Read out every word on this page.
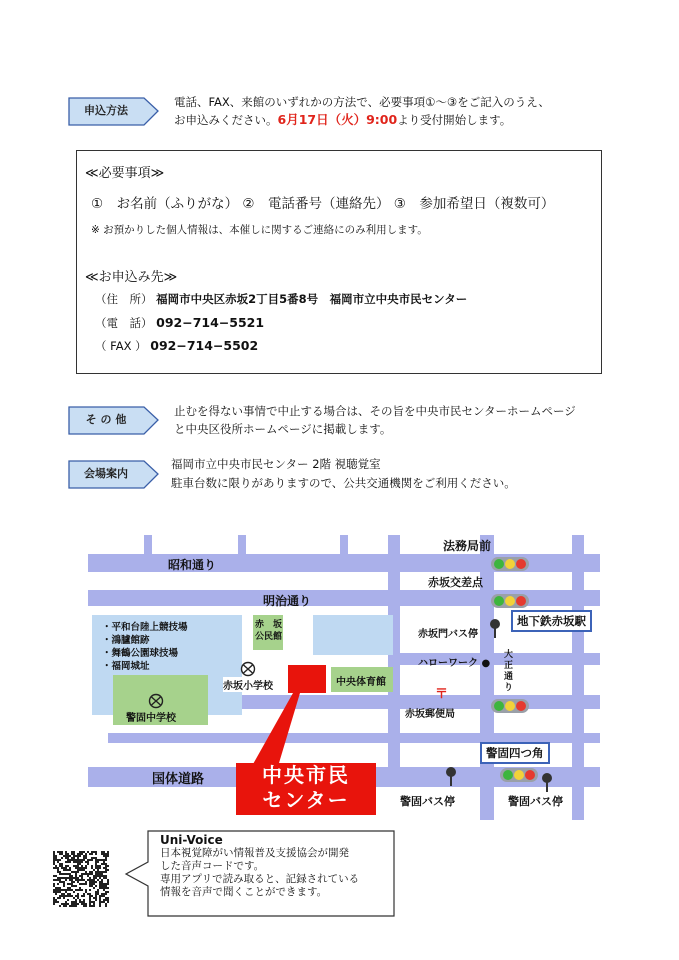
申込方法
電話、FAX、来館のいずれかの方法で、必要事項①～③をご記入のうえ、
お申込みください。6月17日（火）9:00より受付開始します。
≪必要事項≫
①　お名前（ふりがな） ②　電話番号（連絡先） ③　参加希望日（複数可）
※ お預かりした個人情報は、本催しに関するご連絡にのみ利用します。
≪お申込み先≫
（住　所） 福岡市中央区赤坂2丁目5番8号　福岡市立中央市民センター
（電　話） 092−714−5521
（ FAX ） 092−714−5502
そ の 他
止むを得ない事情で中止する場合は、その旨を中央市民センターホームページ
と中央区役所ホームページに掲載します。
会場案内
福岡市立中央市民センター 2階 視聴覚室
駐車台数に限りがありますので、公共交通機関をご利用ください。
昭和通り
明治通り
国体道路
法務局前
赤坂交差点
地下鉄赤坂駅
赤坂門バス停
ハローワーク ●
大正通り
赤坂郵便局
〒
警固四つ角
警固バス停	警固バス停
・平和台陸上競技場
・鴻臚館跡
・舞鶴公園球技場
・福岡城址
赤　坂
公民館
赤坂小学校	中央体育館
警固中学校
中央市民
センター
Uni-Voice
日本視覚障がい情報普及支援協会が開発
した音声コードです。
専用アプリで読み取ると、記録されている
情報を音声で聞くことができます。
